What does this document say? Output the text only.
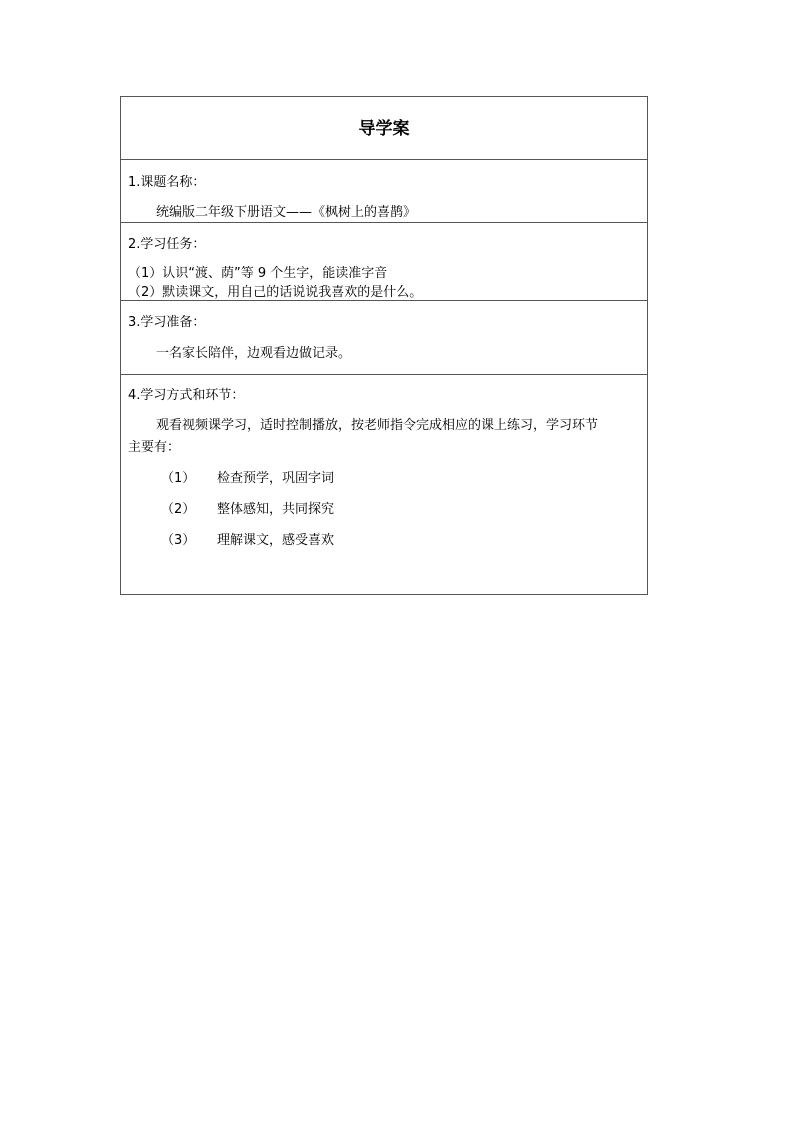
导学案
1.课题名称：
统编版二年级下册语文——《枫树上的喜鹊》
2.学习任务：
（1）认识“渡、荫”等 9 个生字，能读准字音
（2）默读课文，用自己的话说说我喜欢的是什么。
3.学习准备：
一名家长陪伴，边观看边做记录。
4.学习方式和环节：
观看视频课学习，适时控制播放，按老师指令完成相应的课上练习，学习环节
主要有：
（1） 检查预学，巩固字词
（2） 整体感知，共同探究
（3） 理解课文，感受喜欢
